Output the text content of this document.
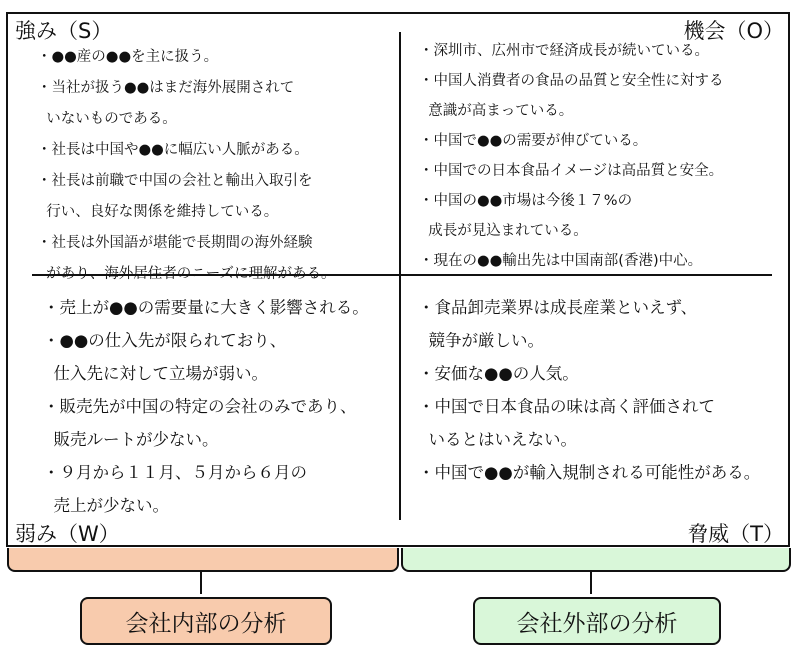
強み（S）	機会（O）
弱み（W）	脅威（T）
・●●産の●●を主に扱う。
・当社が扱う●●はまだ海外展開されて
いないものである。
・社長は中国や●●に幅広い人脈がある。
・社長は前職で中国の会社と輸出入取引を
行い、良好な関係を維持している。
・社長は外国語が堪能で長期間の海外経験
があり、海外居住者のニーズに理解がある。
・深圳市、広州市で経済成長が続いている。
・中国人消費者の食品の品質と安全性に対する
意識が高まっている。
・中国で●●の需要が伸びている。
・中国での日本食品イメージは高品質と安全。
・中国の●●市場は今後１７%の
成長が見込まれている。
・現在の●●輸出先は中国南部(香港)中心。
・売上が●●の需要量に大きく影響される。
・●●の仕入先が限られており、
仕入先に対して立場が弱い。
・販売先が中国の特定の会社のみであり、
販売ルートが少ない。
・９月から１１月、５月から６月の
売上が少ない。
・食品卸売業界は成長産業といえず、
競争が厳しい。
・安価な●●の人気。
・中国で日本食品の味は高く評価されて
いるとはいえない。
・中国で●●が輸入規制される可能性がある。
会社内部の分析	会社外部の分析
